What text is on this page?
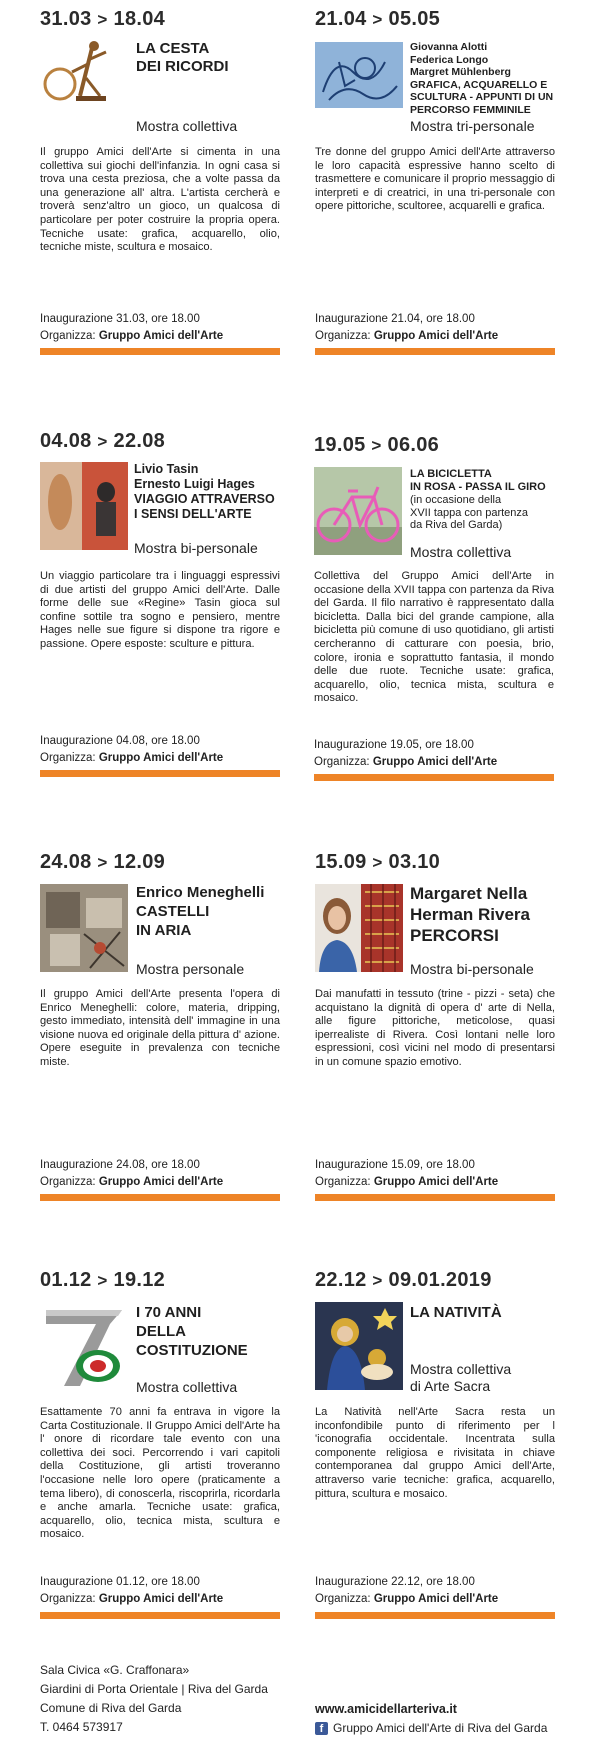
31.03 > 18.04
LA CESTA
DEI RICORDI
Mostra collettiva
Il gruppo Amici dell'Arte si cimenta in una collettiva sui giochi dell'infanzia. In ogni casa si trova una cesta preziosa, che a volte passa da una generazione all' altra. L'artista cercherà e troverà senz'altro un gioco, un qualcosa di particolare per poter costruire la propria opera. Tecniche usate: grafica, acquarello, olio, tecniche miste, scultura e mosaico.
Inaugurazione 31.03, ore 18.00
Organizza: Gruppo Amici dell'Arte
21.04 > 05.05
Giovanna Alotti
Federica Longo
Margret Mühlenberg
GRAFICA, ACQUARELLO E
SCULTURA - APPUNTI DI UN
PERCORSO FEMMINILE
Mostra tri-personale
Tre donne del gruppo Amici dell'Arte attraverso le loro capacità espressive hanno scelto di trasmettere e comunicare il proprio messaggio di interpreti e di creatrici, in una tri-personale con opere pittoriche, scultoree, acquarelli e grafica.
Inaugurazione 21.04, ore 18.00
Organizza: Gruppo Amici dell'Arte
04.08 > 22.08
Livio Tasin
Ernesto Luigi Hages
VIAGGIO ATTRAVERSO
I SENSI DELL'ARTE
Mostra bi-personale
Un viaggio particolare tra i linguaggi espressivi di due artisti del gruppo Amici dell'Arte. Dalle forme delle sue «Regine» Tasin gioca sul confine sottile tra sogno e pensiero, mentre Hages nelle sue figure si dispone tra rigore e passione. Opere esposte: sculture e pittura.
Inaugurazione 04.08, ore 18.00
Organizza: Gruppo Amici dell'Arte
19.05 > 06.06
LA BICICLETTA
IN ROSA - PASSA IL GIRO
(in occasione della
XVII tappa con partenza
da Riva del Garda)
Mostra collettiva
Collettiva del Gruppo Amici dell'Arte in occasione della XVII tappa con partenza da Riva del Garda. Il filo narrativo è rappresentato dalla bicicletta. Dalla bici del grande campione, alla bicicletta più comune di uso quotidiano, gli artisti cercheranno di catturare con poesia, brio, colore, ironia e soprattutto fantasia, il mondo delle due ruote. Tecniche usate: grafica, acquarello, olio, tecnica mista, scultura e mosaico.
Inaugurazione 19.05, ore 18.00
Organizza: Gruppo Amici dell'Arte
24.08 > 12.09
Enrico Meneghelli
CASTELLI
IN ARIA
Mostra personale
Il gruppo Amici dell'Arte presenta l'opera di Enrico Meneghelli: colore, materia, dripping, gesto immediato, intensità dell' immagine in una visione nuova ed originale della pittura d' azione. Opere eseguite in prevalenza con tecniche miste.
Inaugurazione 24.08, ore 18.00
Organizza: Gruppo Amici dell'Arte
15.09 > 03.10
Margaret Nella
Herman Rivera
PERCORSI
Mostra bi-personale
Dai manufatti in tessuto (trine - pizzi - seta) che acquistano la dignità di opera d' arte di Nella, alle figure pittoriche, meticolose, quasi iperrealiste di Rivera. Così lontani nelle loro espressioni, così vicini nel modo di presentarsi in un comune spazio emotivo.
Inaugurazione 15.09, ore 18.00
Organizza: Gruppo Amici dell'Arte
01.12 > 19.12
I 70 ANNI
DELLA
COSTITUZIONE
Mostra collettiva
Esattamente 70 anni fa entrava in vigore la Carta Costituzionale. Il Gruppo Amici dell'Arte ha l' onore di ricordare tale evento con una collettiva dei soci. Percorrendo i vari capitoli della Costituzione, gli artisti troveranno l'occasione nelle loro opere (praticamente a tema libero), di conoscerla, riscoprirla, ricordarla e anche amarla. Tecniche usate: grafica, acquarello, olio, tecnica mista, scultura e mosaico.
Inaugurazione 01.12, ore 18.00
Organizza: Gruppo Amici dell'Arte
22.12 > 09.01.2019
LA NATIVITÀ
Mostra collettiva
di Arte Sacra
La Natività nell'Arte Sacra resta un inconfondibile punto di riferimento per l 'iconografia occidentale. Incentrata sulla componente religiosa e rivisitata in chiave contemporanea dal gruppo Amici dell'Arte, attraverso varie tecniche: grafica, acquarello, pittura, scultura e mosaico.
Inaugurazione 22.12, ore 18.00
Organizza: Gruppo Amici dell'Arte
Sala Civica «G. Craffonara»
Giardini di Porta Orientale | Riva del Garda
Comune di Riva del Garda
T. 0464 573917
www.amicidellarteriva.it
f Gruppo Amici dell'Arte di Riva del Garda
